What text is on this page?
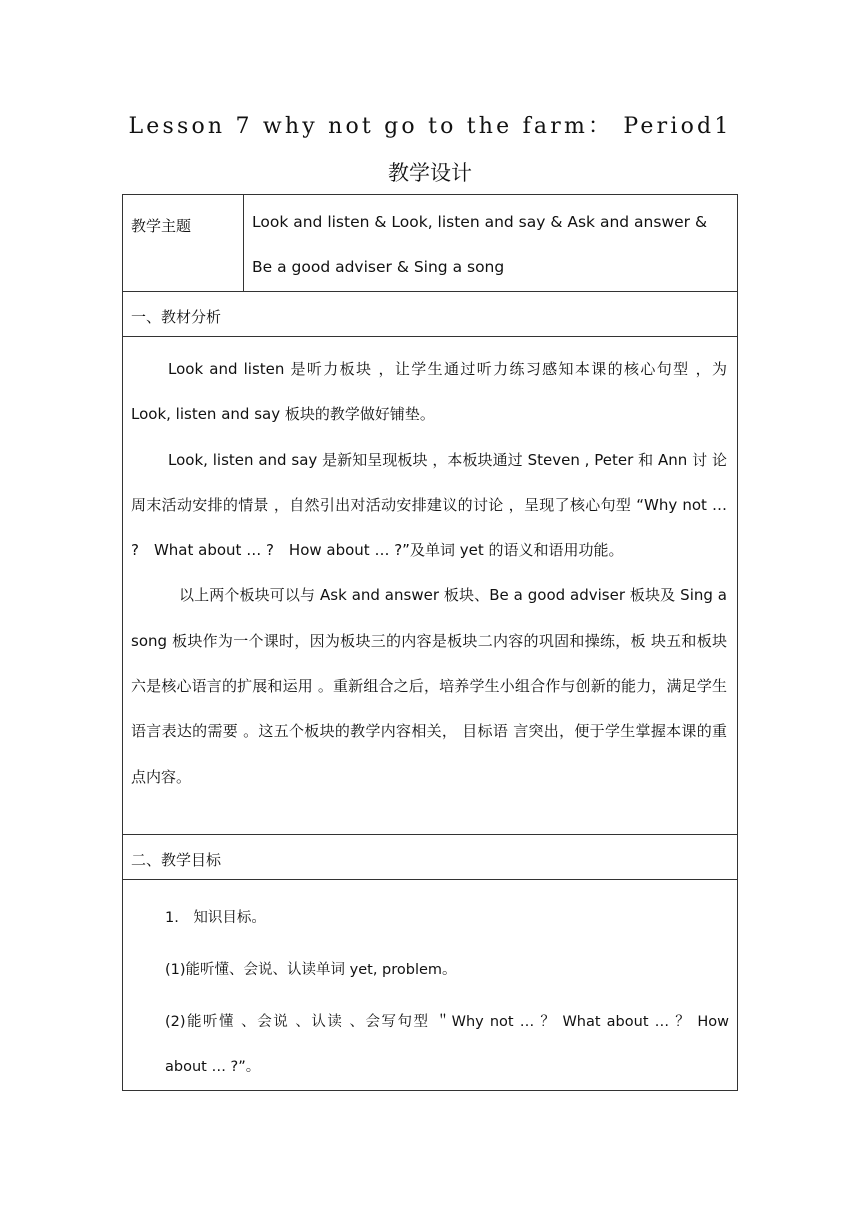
Lesson 7 why not go to the farm： Period1
教学设计
教学主题	Look and listen & Look, listen and say & Ask and answer & Be a good adviser & Sing a song
一、教材分析

Look and listen 是听力板块 ，让学生通过听力练习感知本课的核心句型 ，为 Look, listen and say 板块的教学做好铺垫。

Look, listen and say 是新知呈现板块 ，本板块通过 Steven , Peter 和 Ann 讨 论周末活动安排的情景 ，自然引出对活动安排建议的讨论 ，呈现了核心句型 “Why not … ?　What about … ?　How about … ?”及单词 yet 的语义和语用功能。

以上两个板块可以与 Ask and answer 板块、Be a good adviser 板块及 Sing a song 板块作为一个课时，因为板块三的内容是板块二内容的巩固和操练，板 块五和板块六是核心语言的扩展和运用 。重新组合之后，培养学生小组合作与创新的能力，满足学生语言表达的需要 。这五个板块的教学内容相关， 目标语 言突出，便于学生掌握本课的重点内容。

二、教学目标

1.　知识目标。

(1)能听懂、会说、认读单词 yet, problem。

(2)能听懂 、会说 、认读 、会写句型 ＂Why not … ？ What about … ？ How about … ?”。
